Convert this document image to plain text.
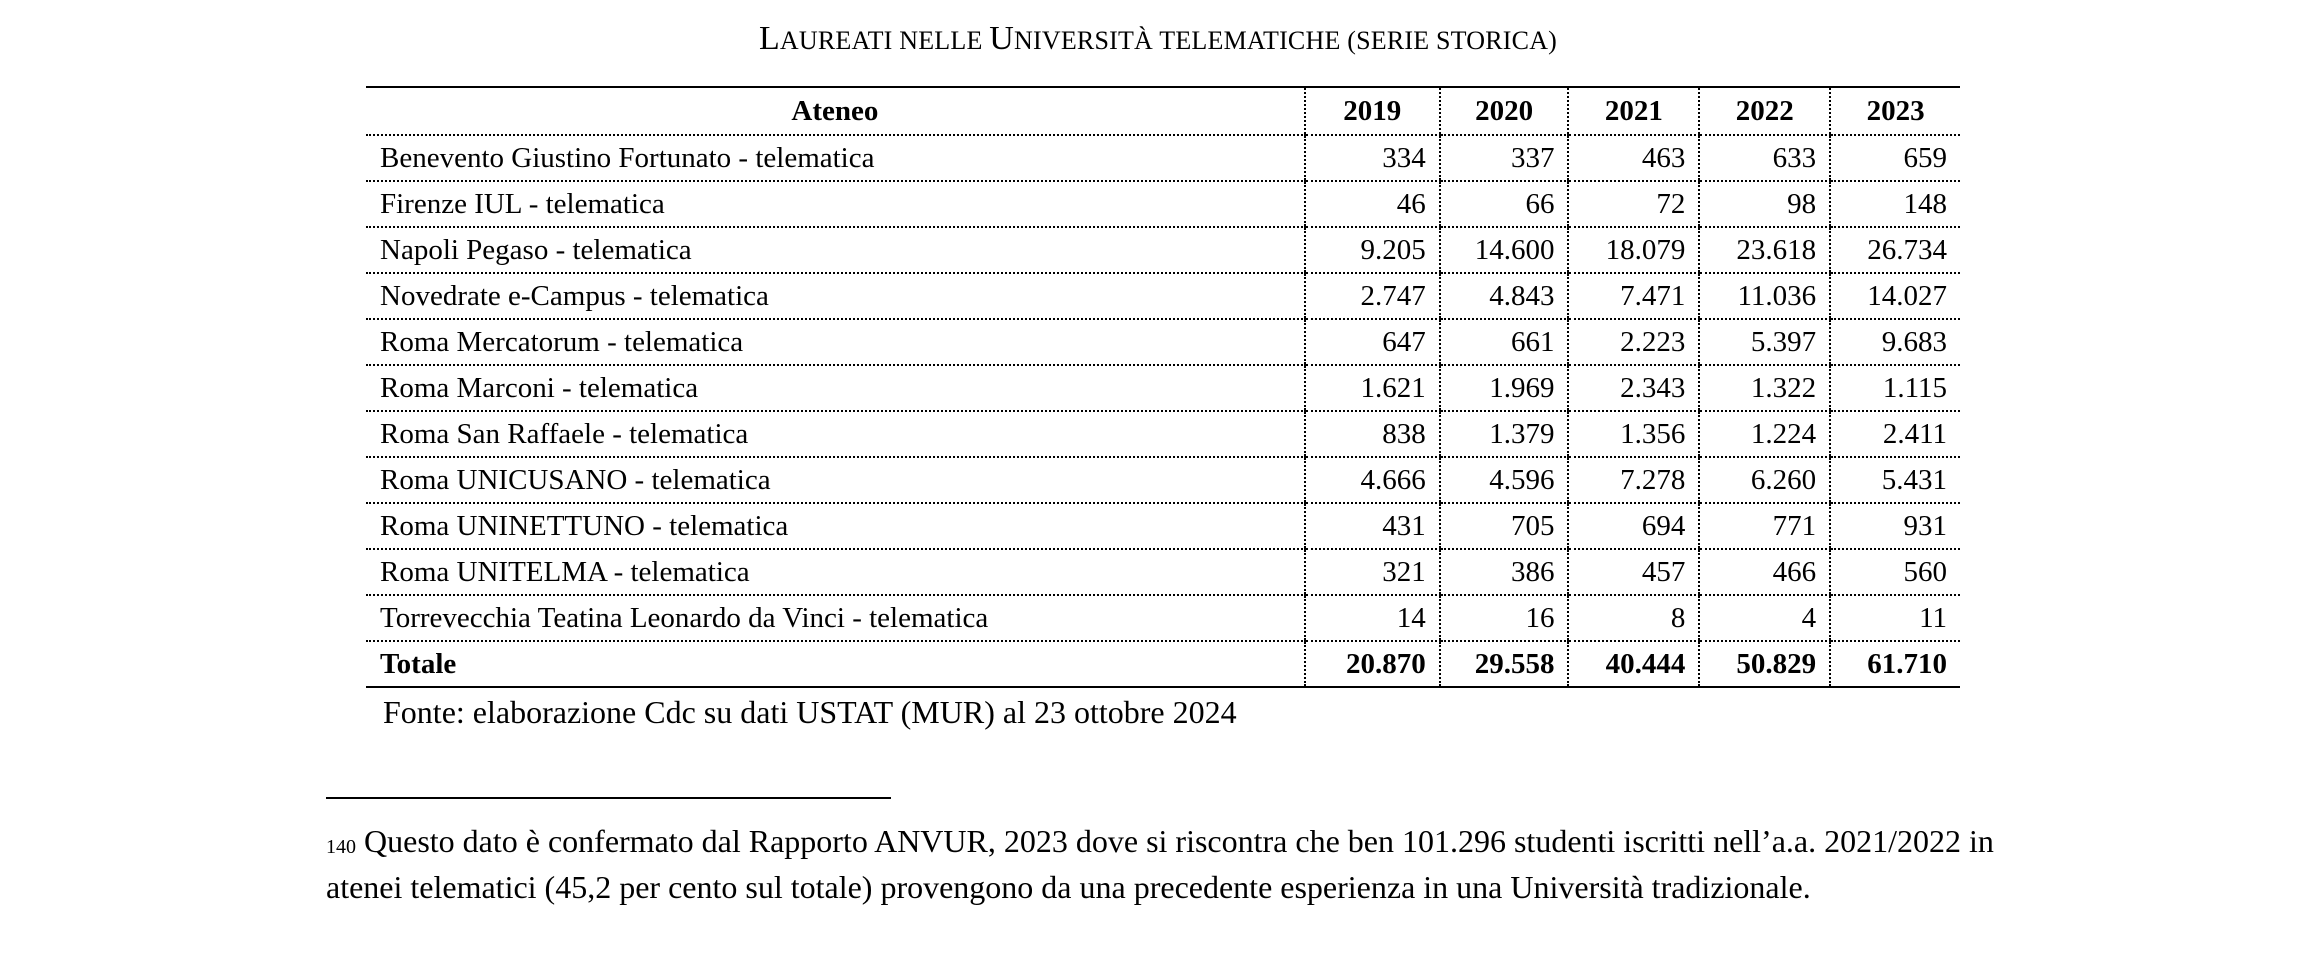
LAUREATI NELLE UNIVERSITÀ TELEMATICHE (SERIE STORICA)
Ateneo	2019	2020	2021	2022	2023
Benevento Giustino Fortunato - telematica	334	337	463	633	659
Firenze IUL - telematica	46	66	72	98	148
Napoli Pegaso - telematica	9.205	14.600	18.079	23.618	26.734
Novedrate e-Campus - telematica	2.747	4.843	7.471	11.036	14.027
Roma Mercatorum - telematica	647	661	2.223	5.397	9.683
Roma Marconi - telematica	1.621	1.969	2.343	1.322	1.115
Roma San Raffaele - telematica	838	1.379	1.356	1.224	2.411
Roma UNICUSANO - telematica	4.666	4.596	7.278	6.260	5.431
Roma UNINETTUNO - telematica	431	705	694	771	931
Roma UNITELMA - telematica	321	386	457	466	560
Torrevecchia Teatina Leonardo da Vinci - telematica	14	16	8	4	11
Totale	20.870	29.558	40.444	50.829	61.710
Fonte: elaborazione Cdc su dati USTAT (MUR) al 23 ottobre 2024
$^{140}$ Questo dato è confermato dal Rapporto ANVUR, 2023 dove si riscontra che ben 101.296 studenti iscritti nell’a.a. 2021/2022 in atenei telematici (45,2 per cento sul totale) provengono da una precedente esperienza in una Università tradizionale.
